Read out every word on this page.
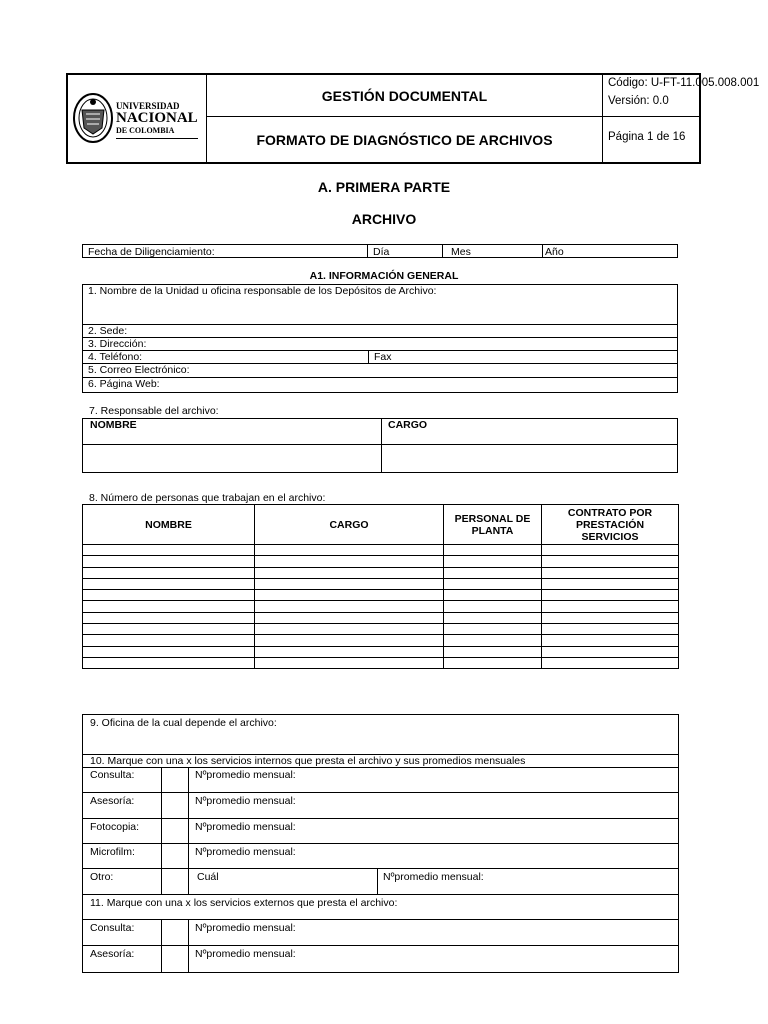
UNIVERSIDAD
NACIONAL
DE COLOMBIA
GESTIÓN DOCUMENTAL
FORMATO DE DIAGNÓSTICO DE ARCHIVOS
Código: U-FT-11.005.008.001
Versión: 0.0
Página 1 de 16
A. PRIMERA PARTE
ARCHIVO
Fecha de Diligenciamiento:	Día	Mes	Año
A1. INFORMACIÓN GENERAL
1. Nombre de la Unidad u oficina responsable de los Depósitos de Archivo:
2. Sede:
3. Dirección:
4. Teléfono:	Fax
5. Correo Electrónico:
6. Página Web:
7. Responsable del archivo:
NOMBRE	CARGO
8. Número de personas que trabajan en el archivo:
NOMBRE	CARGO	PERSONAL DE PLANTA	CONTRATO POR PRESTACIÓN SERVICIOS

9. Oficina de la cual depende el archivo:
10. Marque con una x los servicios internos que presta el archivo y sus promedios mensuales
Consulta:	Nºpromedio mensual:
Asesoría:	Nºpromedio mensual:
Fotocopia:	Nºpromedio mensual:
Microfilm:	Nºpromedio mensual:
Otro:	Cuál	Nºpromedio mensual:
11. Marque con una x los servicios externos que presta el archivo:
Consulta:	Nºpromedio mensual:
Asesoría:	Nºpromedio mensual:
